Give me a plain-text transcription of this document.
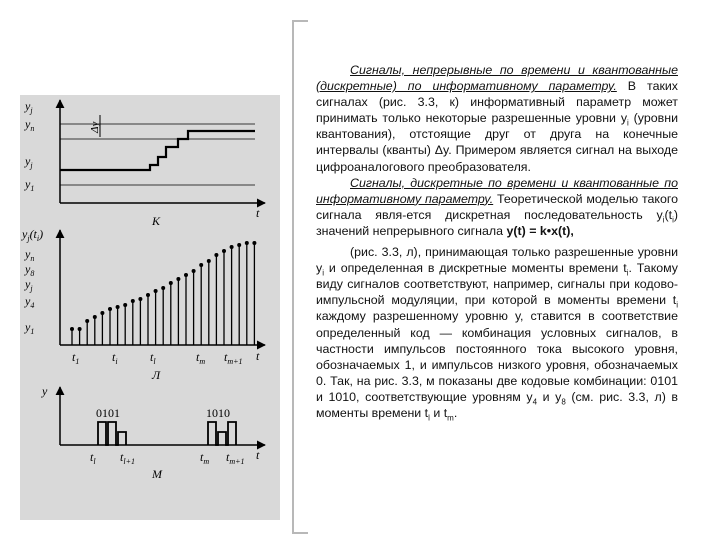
$y_j$
$y_n$
$y_j$
$y_1$
Δy
t
К
$y_j(t_i)$
$y_n$
$y_8$
$y_j$
$y_4$
$y_1$
$t_1$	$t_i$	$t_l$	$t_m$ $t_{m+1}$ t
Л
y
0101	1010
$t_l$ $t_{l+1}$	$t_m$ $t_{m+1}$ t
М

Сигналы, непрерывные по времени и квантованные (дискретные) по информативному параметру. В таких сигналах (рис. 3.3, к) информативный параметр может принимать только некоторые разрешенные уровни $y_i$ (уровни квантования), отстоящие друг от друга на конечные интервалы (кванты) Δy. Примером является сигнал на выходе цифроаналогового преобразователя.

Сигналы, дискретные по времени и квантованные по информативному параметру. Теоретической моделью такого сигнала явля-ется дискретная последовательность $y_i(t_i)$ значений непрерывного сигнала y(t) = k•x(t),

(рис. 3.3, л), принимающая только разрешенные уровни $y_i$ и определенная в дискретные моменты времени $t_i$. Такому виду сигналов соответствуют, например, сигналы при кодово-импульсной модуляции, при которой в моменты времени $t_i$ каждому разрешенному уровню у, ставится в соответствие определенный код — комбинация условных сигналов, в частности импульсов постоянного тока высокого уровня, обозначаемых 1, и импульсов низкого уровня, обозначаемых 0. Так, на рис. 3.3, м показаны две кодовые комбинации: 0101 и 1010, соответствующие уровням $y_4$ и $y_8$ (см. рис. 3.3, л) в моменты времени $t_l$ и $t_m$.
